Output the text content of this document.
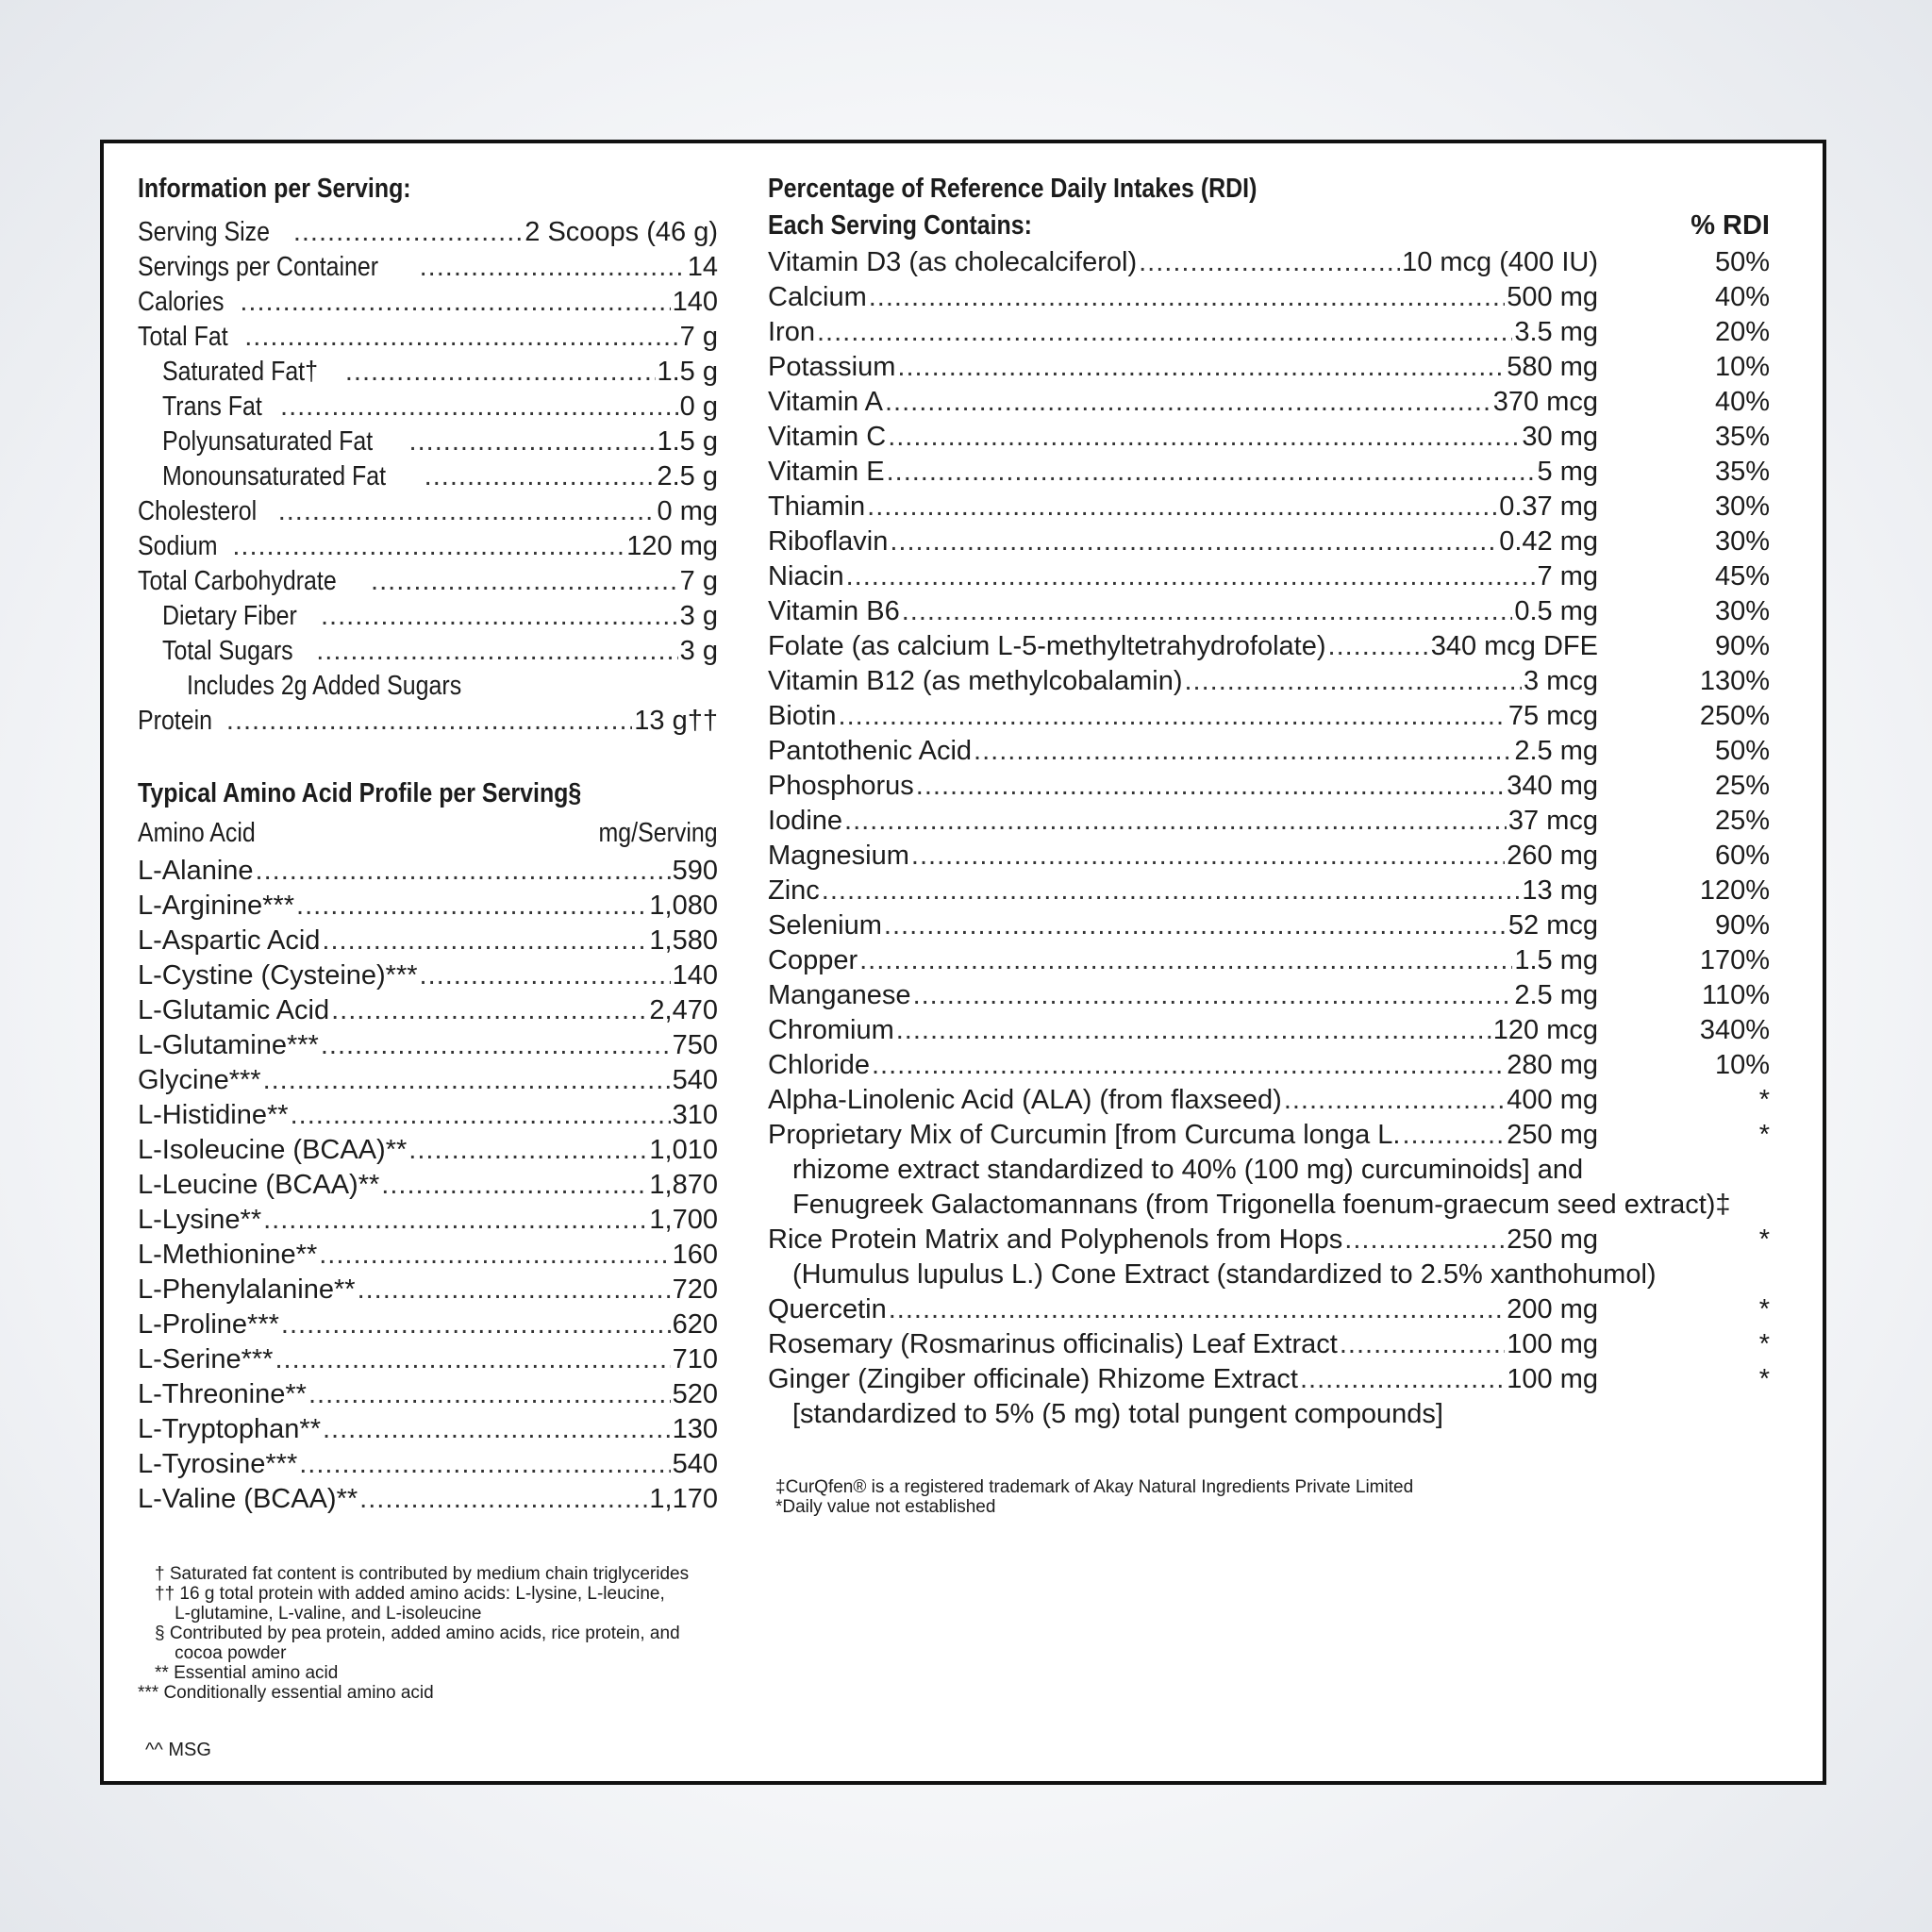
Information per Serving:
Serving Size .....	2 Scoops (46 g)
Servings per Container .....	14
Calories .....	140
Total Fat .....	7 g
Saturated Fat† .....	1.5 g
Trans Fat .....	0 g
Polyunsaturated Fat .....	1.5 g
Monounsaturated Fat .....	2.5 g
Cholesterol .....	0 mg
Sodium .....	120 mg
Total Carbohydrate .....	7 g
Dietary Fiber .....	3 g
Total Sugars .....	3 g
Includes 2g Added Sugars
Protein .....	13 g††
Typical Amino Acid Profile per Serving§
Amino Acid	mg/Serving
L-Alanine .....	590
L-Arginine*** .....	1,080
L-Aspartic Acid .....	1,580
L-Cystine (Cysteine)*** .....	140
L-Glutamic Acid .....	2,470
L-Glutamine*** .....	750
Glycine*** .....	540
L-Histidine** .....	310
L-Isoleucine (BCAA)** .....	1,010
L-Leucine (BCAA)** .....	1,870
L-Lysine** .....	1,700
L-Methionine** .....	160
L-Phenylalanine** .....	720
L-Proline*** .....	620
L-Serine*** .....	710
L-Threonine** .....	520
L-Tryptophan** .....	130
L-Tyrosine*** .....	540
L-Valine (BCAA)** .....	1,170
† Saturated fat content is contributed by medium chain triglycerides
†† 16 g total protein with added amino acids: L-lysine, L-leucine,
L-glutamine, L-valine, and L-isoleucine
§ Contributed by pea protein, added amino acids, rice protein, and
cocoa powder
** Essential amino acid
*** Conditionally essential amino acid
Percentage of Reference Daily Intakes (RDI)
Each Serving Contains:	% RDI
Vitamin D3 (as cholecalciferol) .....	10 mcg (400 IU)	50%
Calcium .....	500 mg	40%
Iron .....	3.5 mg	20%
Potassium .....	580 mg	10%
Vitamin A .....	370 mcg	40%
Vitamin C .....	30 mg	35%
Vitamin E .....	5 mg	35%
Thiamin .....	0.37 mg	30%
Riboflavin .....	0.42 mg	30%
Niacin .....	7 mg	45%
Vitamin B6 .....	0.5 mg	30%
Folate (as calcium L-5-methyltetrahydrofolate) .....	340 mcg DFE	90%
Vitamin B12 (as methylcobalamin) .....	3 mcg	130%
Biotin .....	75 mcg	250%
Pantothenic Acid .....	2.5 mg	50%
Phosphorus .....	340 mg	25%
Iodine .....	37 mcg	25%
Magnesium .....	260 mg	60%
Zinc .....	13 mg	120%
Selenium .....	52 mcg	90%
Copper .....	1.5 mg	170%
Manganese .....	2.5 mg	110%
Chromium .....	120 mcg	340%
Chloride .....	280 mg	10%
Alpha-Linolenic Acid (ALA) (from flaxseed) .....	400 mg	*
Proprietary Mix of Curcumin [from Curcuma longa L. .....	250 mg	*
rhizome extract standardized to 40% (100 mg) curcuminoids] and
Fenugreek Galactomannans (from Trigonella foenum-graecum seed extract)‡
Rice Protein Matrix and Polyphenols from Hops .....	250 mg	*
(Humulus lupulus L.) Cone Extract (standardized to 2.5% xanthohumol)
Quercetin .....	200 mg	*
Rosemary (Rosmarinus officinalis) Leaf Extract .....	100 mg	*
Ginger (Zingiber officinale) Rhizome Extract .....	100 mg	*
[standardized to 5% (5 mg) total pungent compounds]
‡CurQfen® is a registered trademark of Akay Natural Ingredients Private Limited
*Daily value not established
^^ MSG
